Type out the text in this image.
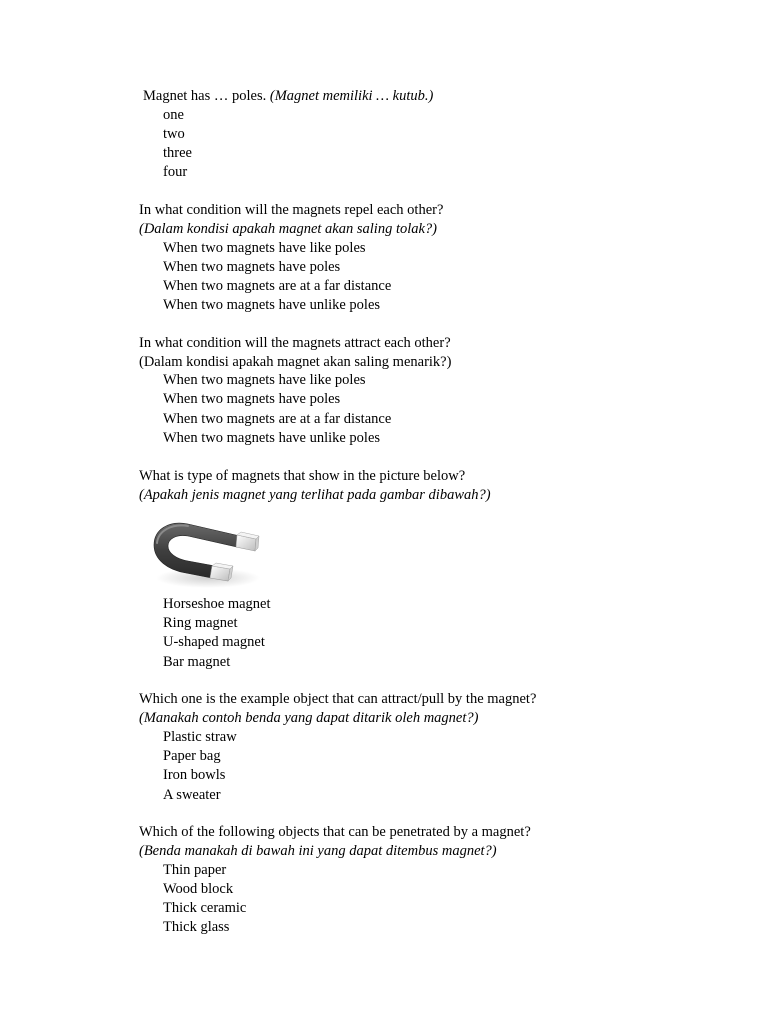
Magnet has … poles. (Magnet memiliki … kutub.)
one
two
three
four
In what condition will the magnets repel each other?
(Dalam kondisi apakah magnet akan saling tolak?)
When two magnets have like poles
When two magnets have poles
When two magnets are at a far distance
When two magnets have unlike poles
In what condition will the magnets attract each other?
(Dalam kondisi apakah magnet akan saling menarik?)
When two magnets have like poles
When two magnets have poles
When two magnets are at a far distance
When two magnets have unlike poles
What is type of magnets that show in the picture below?
(Apakah jenis magnet yang terlihat pada gambar dibawah?)
Horseshoe magnet
Ring magnet
U-shaped magnet
Bar magnet
Which one is the example object that can attract/pull by the magnet?
(Manakah contoh benda yang dapat ditarik oleh magnet?)
Plastic straw
Paper bag
Iron bowls
A sweater
Which of the following objects that can be penetrated by a magnet?
(Benda manakah di bawah ini yang dapat ditembus magnet?)
Thin paper
Wood block
Thick ceramic
Thick glass
